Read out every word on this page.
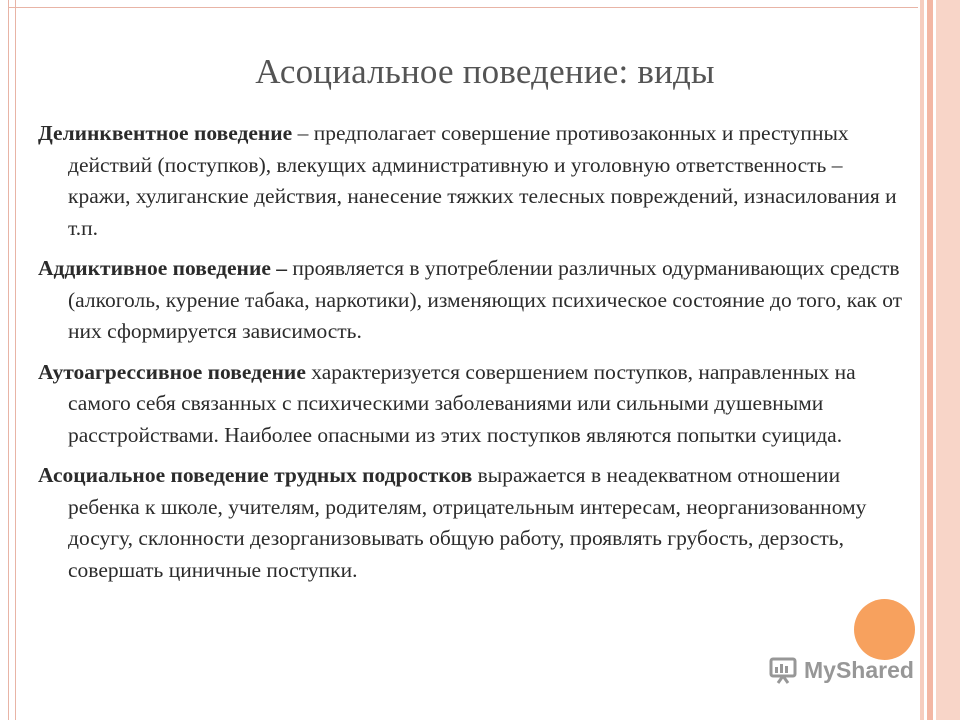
Асоциальное поведение: виды

Делинквентное поведение – предполагает совершение противозаконных и преступных действий (поступков), влекущих административную и уголовную ответственность – кражи, хулиганские действия, нанесение тяжких телесных повреждений, изнасилования и т.п.

Аддиктивное поведение – проявляется в употреблении различных одурманивающих средств (алкоголь, курение табака, наркотики), изменяющих психическое состояние до того, как от них сформируется зависимость.

Аутоагрессивное поведение характеризуется совершением поступков, направленных на самого себя связанных с психическими заболеваниями или сильными душевными расстройствами. Наиболее опасными из этих поступков являются попытки суицида.

Асоциальное поведение трудных подростков выражается в неадекватном отношении ребенка к школе, учителям, родителям, отрицательным интересам, неорганизованному досугу, склонности дезорганизовывать общую работу, проявлять грубость, дерзость, совершать циничные поступки.

MyShared
